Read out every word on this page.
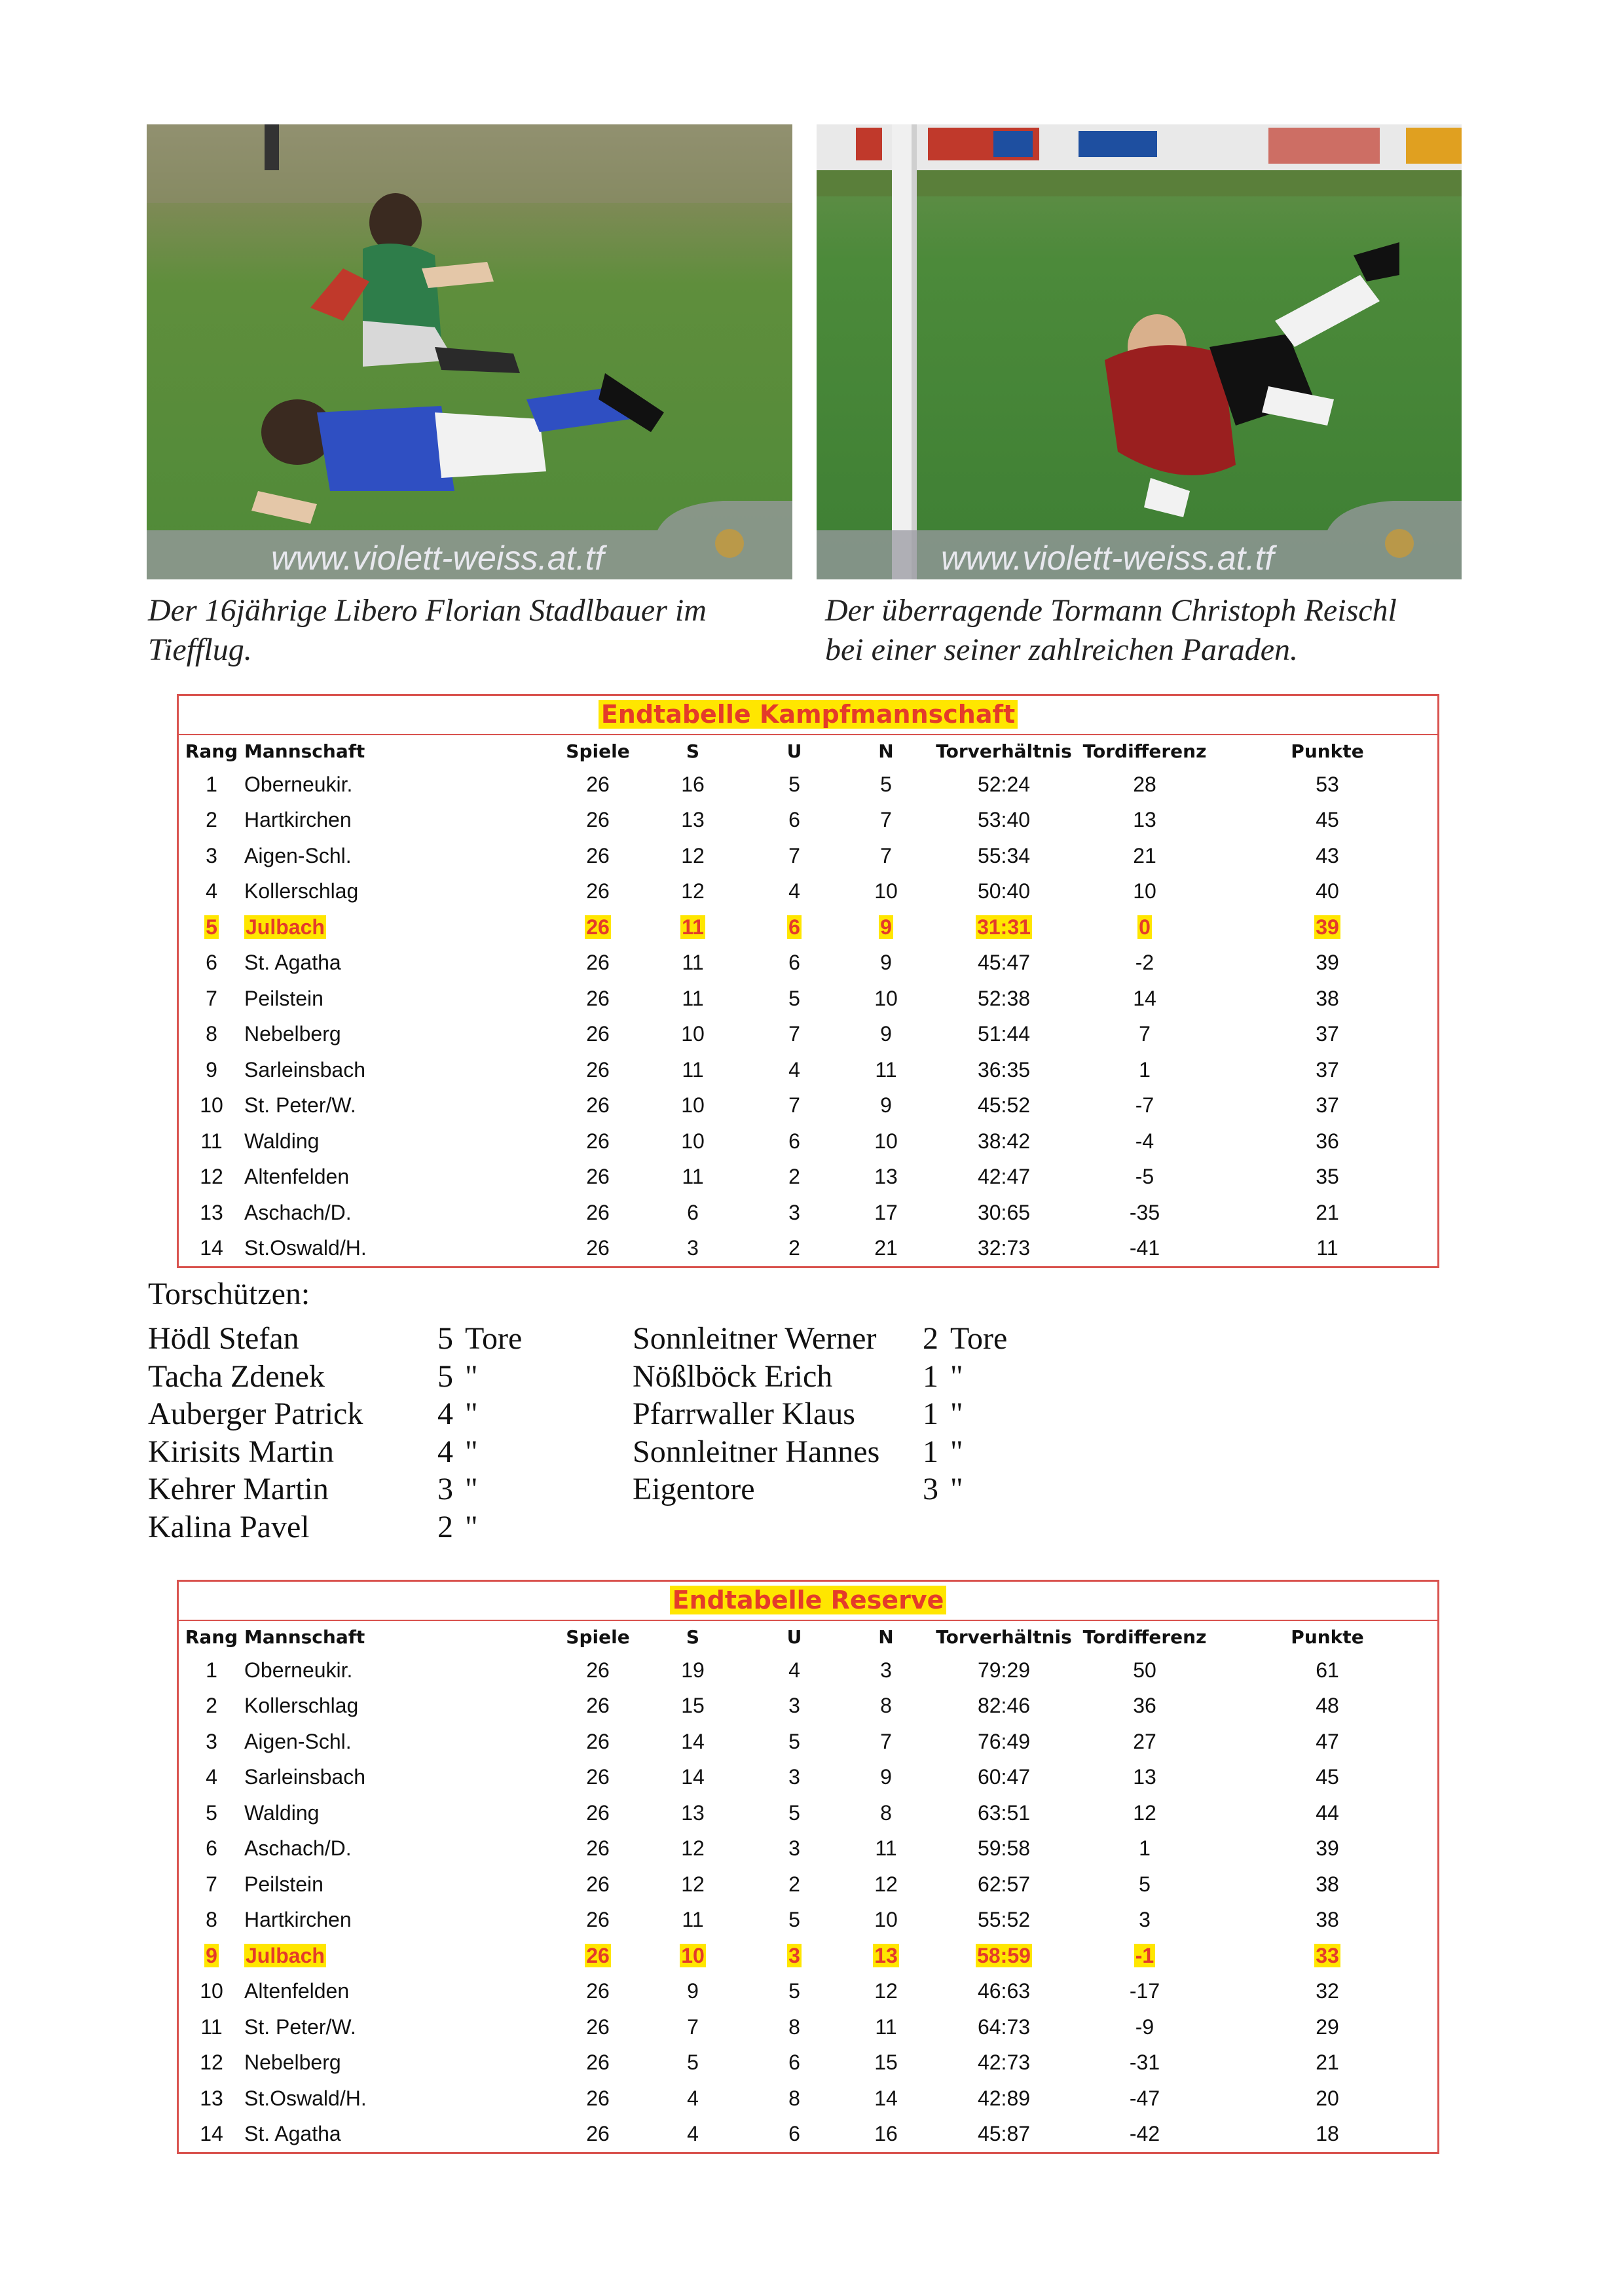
www.violett-weiss.at.tf	www.violett-weiss.at.tf
Der 16jährige Libero Florian Stadlbauer im
Tiefflug.
Der überragende Tormann Christoph Reischl
bei einer seiner zahlreichen Paraden.
Endtabelle Kampfmannschaft
Rang	Mannschaft	Spiele	S	U	N	Torverhältnis	Tordifferenz	Punkte
1	Oberneukir.	26	16	5	5	52:24	28	53
2	Hartkirchen	26	13	6	7	53:40	13	45
3	Aigen-Schl.	26	12	7	7	55:34	21	43
4	Kollerschlag	26	12	4	10	50:40	10	40
5	Julbach	26	11	6	9	31:31	0	39
6	St. Agatha	26	11	6	9	45:47	-2	39
7	Peilstein	26	11	5	10	52:38	14	38
8	Nebelberg	26	10	7	9	51:44	7	37
9	Sarleinsbach	26	11	4	11	36:35	1	37
10	St. Peter/W.	26	10	7	9	45:52	-7	37
11	Walding	26	10	6	10	38:42	-4	36
12	Altenfelden	26	11	2	13	42:47	-5	35
13	Aschach/D.	26	6	3	17	30:65	-35	21
14	St.Oswald/H.	26	3	2	21	32:73	-41	11
Torschützen:
Hödl Stefan	5 Tore
Tacha Zdenek	5 "
Auberger Patrick 4 "
Kirisits Martin	4 "
Kehrer Martin	3 "
Kalina Pavel	2 "
Sonnleitner Werner 2 Tore
Nößlböck Erich	1 "
Pfarrwaller Klaus 1 "
Sonnleitner Hannes 1 "
Eigentore	3 "
Endtabelle Reserve
Rang	Mannschaft	Spiele	S	U	N	Torverhältnis	Tordifferenz	Punkte
1	Oberneukir.	26	19	4	3	79:29	50	61
2	Kollerschlag	26	15	3	8	82:46	36	48
3	Aigen-Schl.	26	14	5	7	76:49	27	47
4	Sarleinsbach	26	14	3	9	60:47	13	45
5	Walding	26	13	5	8	63:51	12	44
6	Aschach/D.	26	12	3	11	59:58	1	39
7	Peilstein	26	12	2	12	62:57	5	38
8	Hartkirchen	26	11	5	10	55:52	3	38
9	Julbach	26	10	3	13	58:59	-1	33
10	Altenfelden	26	9	5	12	46:63	-17	32
11	St. Peter/W.	26	7	8	11	64:73	-9	29
12	Nebelberg	26	5	6	15	42:73	-31	21
13	St.Oswald/H.	26	4	8	14	42:89	-47	20
14	St. Agatha	26	4	6	16	45:87	-42	18
